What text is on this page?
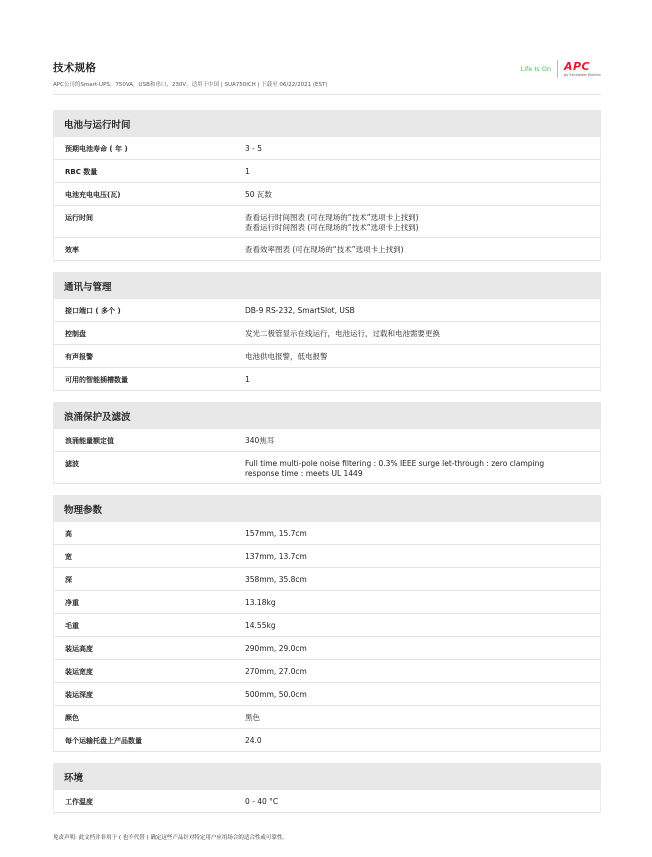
技术规格
APC公司的Smart-UPS，750VA，USB和串口，230V，适用于中国 | SUA750ICH | 下载至 06/22/2021 (EST)
Life Is On APC
by Schneider Electric
电池与运行时间
预期电池寿命 ( 年 )	3 - 5
RBC 数量	1
电池充电电压(瓦)	50 瓦数
运行时间	查看运行时间图表 (可在现场的“技术”选项卡上找到)
查看运行时间图表 (可在现场的“技术”选项卡上找到)
效率	查看效率图表 (可在现场的“技术”选项卡上找到)
通讯与管理
接口端口 ( 多个 )	DB-9 RS-232, SmartSlot, USB
控制盘	发光二极管显示在线运行，电池运行，过载和电池需要更换
有声报警	电池供电报警，低电报警
可用的智能插槽数量	1
浪涌保护及滤波
浪涌能量额定值	340焦耳
滤波	Full time multi-pole noise filtering : 0.3% IEEE surge let-through : zero clamping
response time : meets UL 1449
物理参数
高	157mm, 15.7cm
宽	137mm, 13.7cm
深	358mm, 35.8cm
净重	13.18kg
毛重	14.55kg
装运高度	290mm, 29.0cm
装运宽度	270mm, 27.0cm
装运深度	500mm, 50.0cm
颜色	黑色
每个运输托盘上产品数量	24.0
环境
工作温度	0 - 40 °C
免责声明: 此文档并非用于 ( 也不代替 ) 确定这些产品针对特定用户应用场合的适合性或可靠性。
